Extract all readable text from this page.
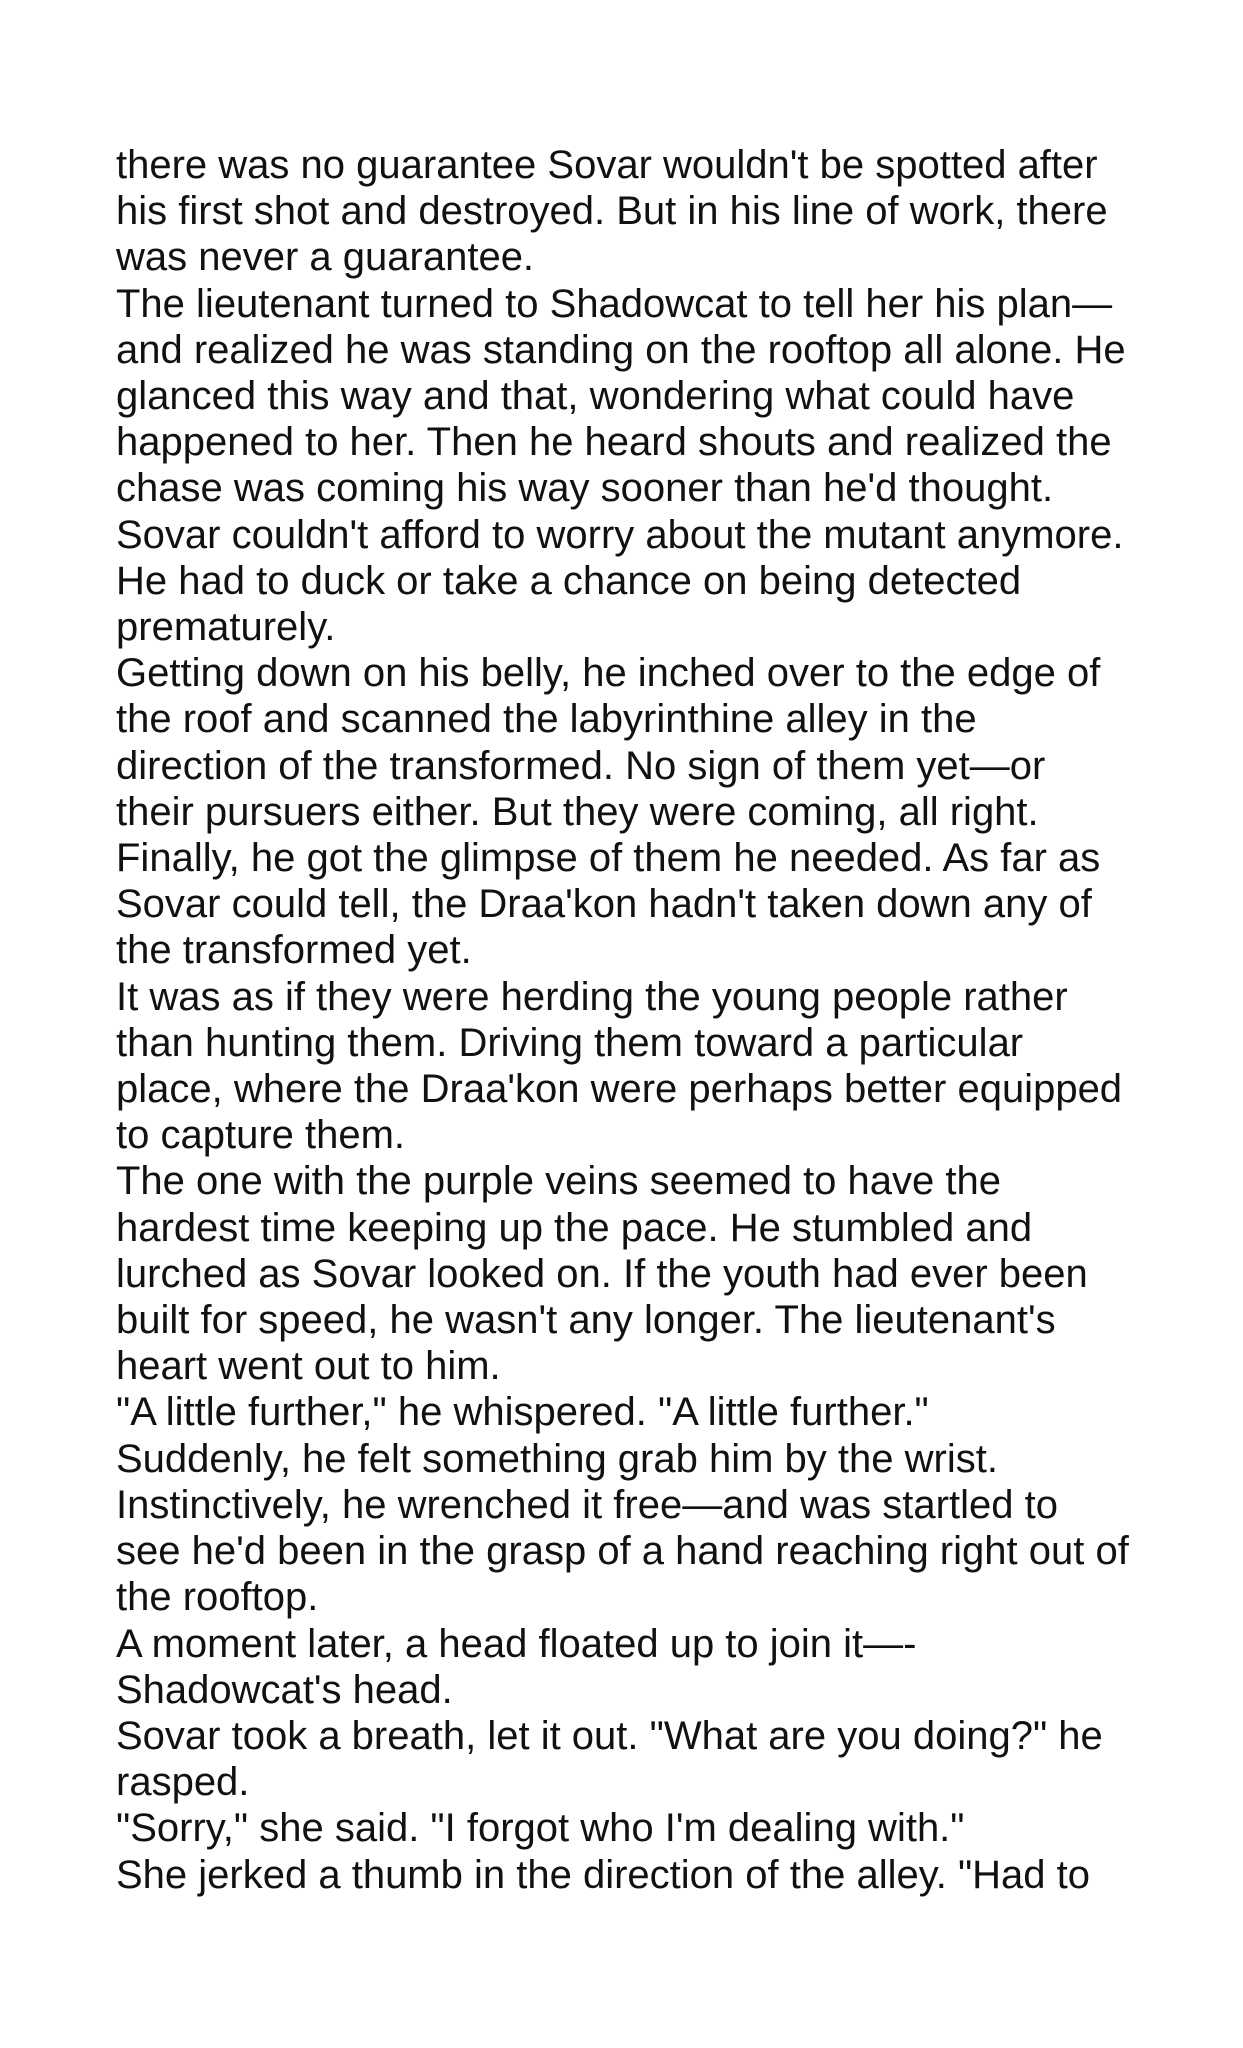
there was no guarantee Sovar wouldn't be spotted after
his first shot and destroyed. But in his line of work, there
was never a guarantee.
The lieutenant turned to Shadowcat to tell her his plan—
and realized he was standing on the rooftop all alone. He
glanced this way and that, wondering what could have
happened to her. Then he heard shouts and realized the
chase was coming his way sooner than he'd thought.
Sovar couldn't afford to worry about the mutant anymore.
He had to duck or take a chance on being detected
prematurely.
Getting down on his belly, he inched over to the edge of
the roof and scanned the labyrinthine alley in the
direction of the transformed. No sign of them yet—or
their pursuers either. But they were coming, all right.
Finally, he got the glimpse of them he needed. As far as
Sovar could tell, the Draa'kon hadn't taken down any of
the transformed yet.
It was as if they were herding the young people rather
than hunting them. Driving them toward a particular
place, where the Draa'kon were perhaps better equipped
to capture them.
The one with the purple veins seemed to have the
hardest time keeping up the pace. He stumbled and
lurched as Sovar looked on. If the youth had ever been
built for speed, he wasn't any longer. The lieutenant's
heart went out to him.
"A little further," he whispered. "A little further."
Suddenly, he felt something grab him by the wrist.
Instinctively, he wrenched it free—and was startled to
see he'd been in the grasp of a hand reaching right out of
the rooftop.
A moment later, a head floated up to join it—-
Shadowcat's head.
Sovar took a breath, let it out. "What are you doing?" he
rasped.
"Sorry," she said. "I forgot who I'm dealing with."
She jerked a thumb in the direction of the alley. "Had to
